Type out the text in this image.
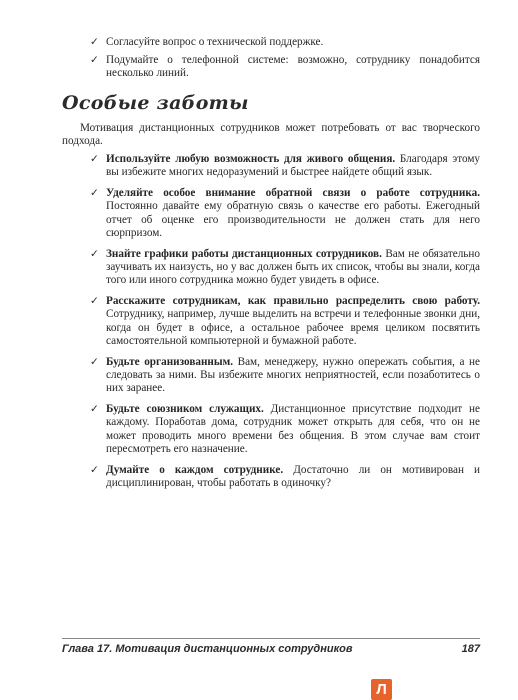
✓ Согласуйте вопрос о технической поддержке.
✓ Подумайте о телефонной системе: возможно, сотруднику понадобится несколько линий.
Особые заботы
Мотивация дистанционных сотрудников может потребовать от вас творческого подхода.
✓ Используйте любую возможность для живого общения. Благодаря этому вы избежите многих недоразумений и быстрее найдете общий язык.
✓ Уделяйте особое внимание обратной связи о работе сотрудника. Постоянно давайте ему обратную связь о качестве его работы. Ежегодный отчет об оценке его производительности не должен стать для него сюрпризом.
✓ Знайте графики работы дистанционных сотрудников. Вам не обязательно заучивать их наизусть, но у вас должен быть их список, чтобы вы знали, когда того или иного сотрудника можно будет увидеть в офисе.
✓ Расскажите сотрудникам, как правильно распределить свою работу. Сотруднику, например, лучше выделить на встречи и телефонные звонки дни, когда он будет в офисе, а остальное рабочее время целиком посвятить самостоятельной компьютерной и бумажной работе.
✓ Будьте организованным. Вам, менеджеру, нужно опережать события, а не следовать за ними. Вы избежите многих неприятностей, если позаботитесь о них заранее.
✓ Будьте союзником служащих. Дистанционное присутствие подходит не каждому. Поработав дома, сотрудник может открыть для себя, что он не может проводить много времени без общения. В этом случае вам стоит пересмотреть его назначение.
✓ Думайте о каждом сотруднике. Достаточно ли он мотивирован и дисциплинирован, чтобы работать в одиночку?
Глава 17. Мотивация дистанционных сотрудников	187
Л
